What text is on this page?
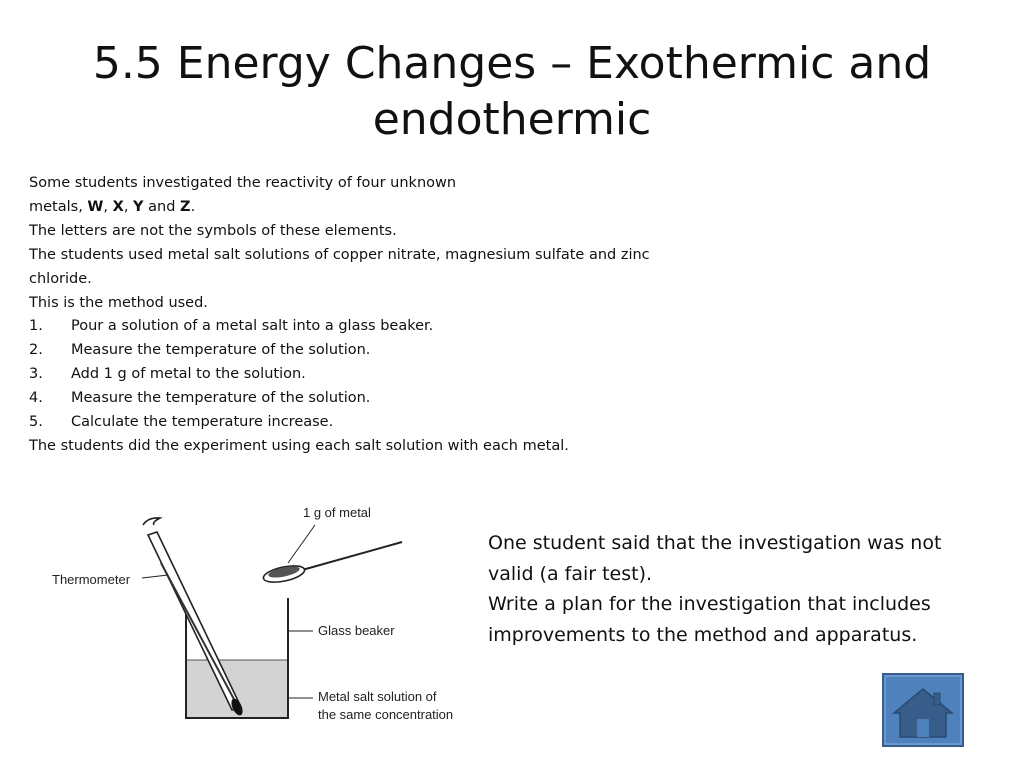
5.5 Energy Changes – Exothermic and endothermic

Some students investigated the reactivity of four unknown

metals, W, X, Y and Z.

The letters are not the symbols of these elements.

The students used metal salt solutions of copper nitrate, magnesium sulfate and zinc chloride.

This is the method used.

1.	Pour a solution of a metal salt into a glass beaker.
2.	Measure the temperature of the solution.
3.	Add 1 g of metal to the solution.
4.	Measure the temperature of the solution.
5.	Calculate the temperature increase.

The students did the experiment using each salt solution with each metal.

1 g of metal
Thermometer
Glass beaker
Metal salt solution of
the same concentration

One student said that the investigation was not valid (a fair test).

Write a plan for the investigation that includes improvements to the method and apparatus.
